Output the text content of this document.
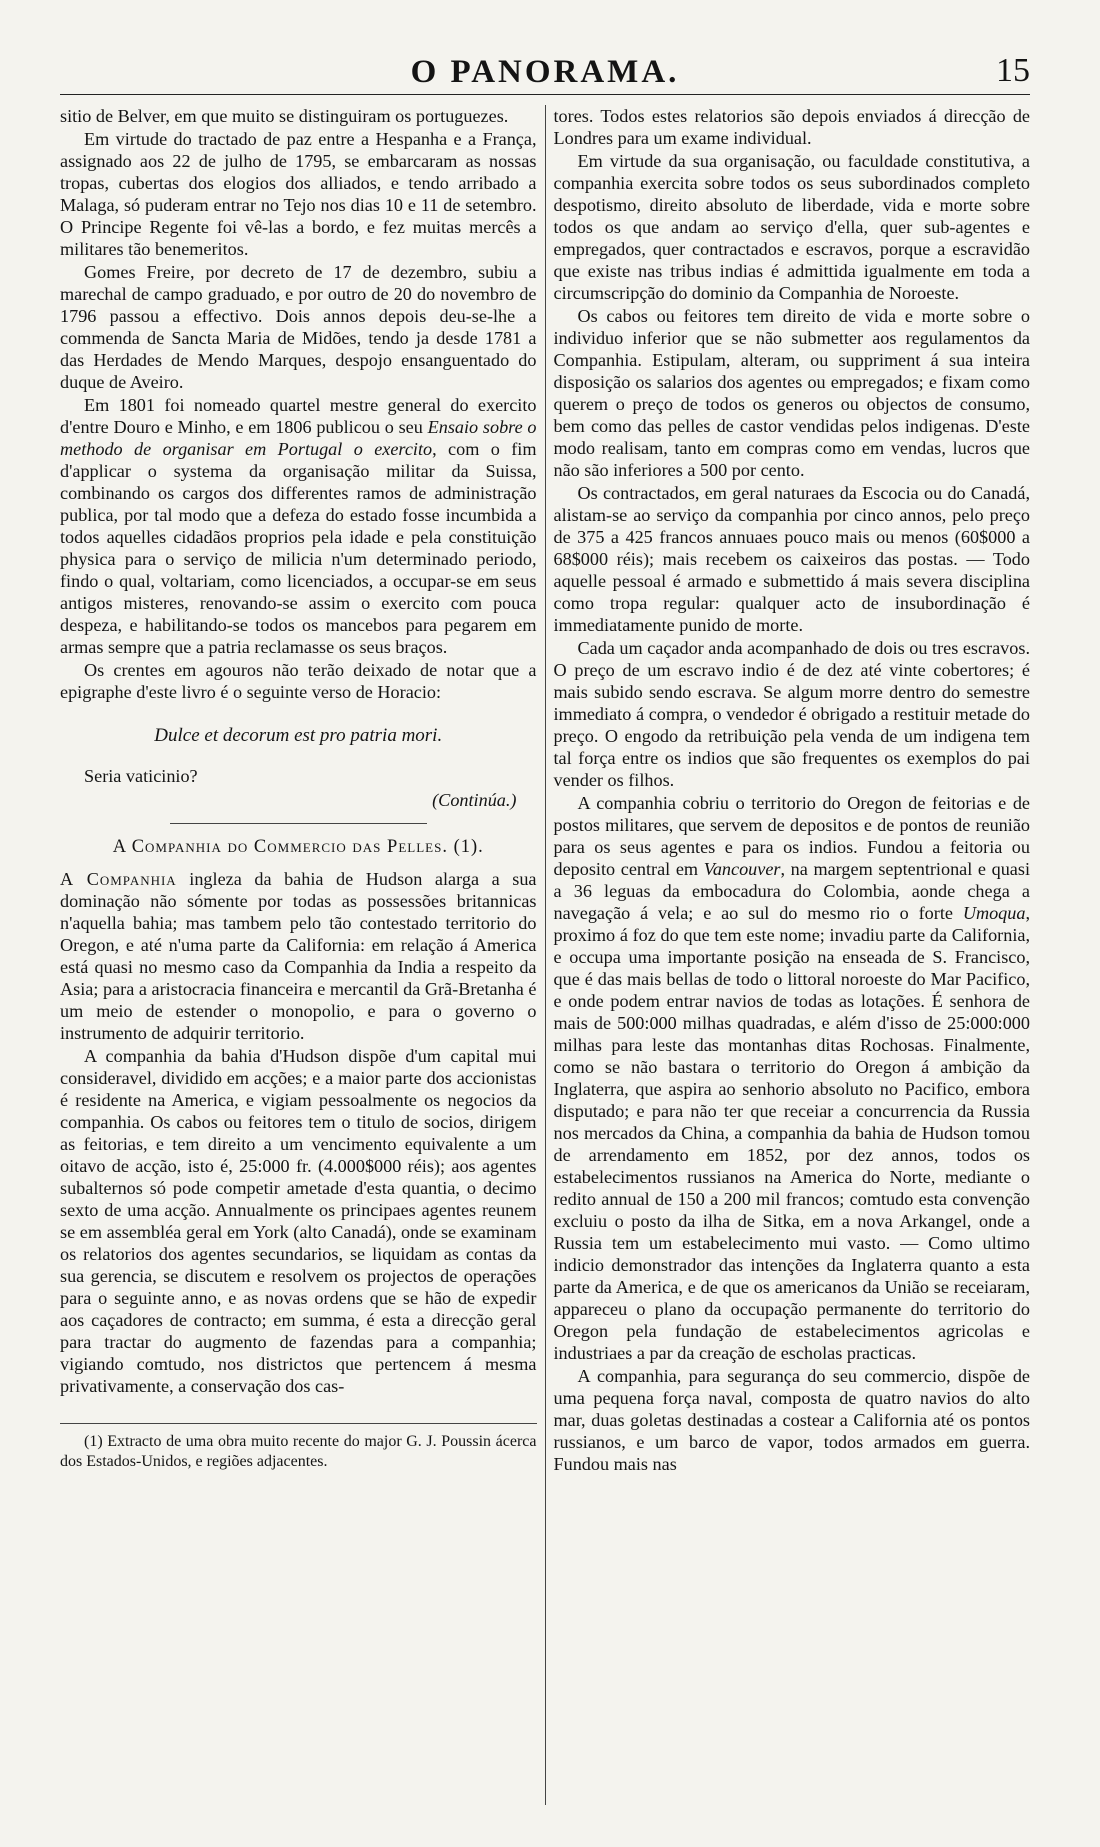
O PANORAMA.	15

sitio de Belver, em que muito se distinguiram os portuguezes.

Em virtude do tractado de paz entre a Hespanha e a França, assignado aos 22 de julho de 1795, se embarcaram as nossas tropas, cubertas dos elogios dos alliados, e tendo arribado a Malaga, só puderam entrar no Tejo nos dias 10 e 11 de setembro. O Principe Regente foi vê-las a bordo, e fez muitas mercês a militares tão benemeritos.

Gomes Freire, por decreto de 17 de dezembro, subiu a marechal de campo graduado, e por outro de 20 do novembro de 1796 passou a effectivo. Dois annos depois deu-se-lhe a commenda de Sancta Maria de Midões, tendo ja desde 1781 a das Herdades de Mendo Marques, despojo ensanguentado do duque de Aveiro.

Em 1801 foi nomeado quartel mestre general do exercito d'entre Douro e Minho, e em 1806 publicou o seu Ensaio sobre o methodo de organisar em Portugal o exercito, com o fim d'applicar o systema da organisação militar da Suissa, combinando os cargos dos differentes ramos de administração publica, por tal modo que a defeza do estado fosse incumbida a todos aquelles cidadãos proprios pela idade e pela constituição physica para o serviço de milicia n'um determinado periodo, findo o qual, voltariam, como licenciados, a occupar-se em seus antigos misteres, renovando-se assim o exercito com pouca despeza, e habilitando-se todos os mancebos para pegarem em armas sempre que a patria reclamasse os seus braços.

Os crentes em agouros não terão deixado de notar que a epigraphe d'este livro é o seguinte verso de Horacio:

Dulce et decorum est pro patria mori.

Seria vaticinio?

(Continúa.)
A Companhia do Commercio das Pelles. (1).

A Companhia ingleza da bahia de Hudson alarga a sua dominação não sómente por todas as possessões britannicas n'aquella bahia; mas tambem pelo tão contestado territorio do Oregon, e até n'uma parte da California: em relação á America está quasi no mesmo caso da Companhia da India a respeito da Asia; para a aristocracia financeira e mercantil da Grã-Bretanha é um meio de estender o monopolio, e para o governo o instrumento de adquirir territorio.

A companhia da bahia d'Hudson dispõe d'um capital mui consideravel, dividido em acções; e a maior parte dos accionistas é residente na America, e vigiam pessoalmente os negocios da companhia. Os cabos ou feitores tem o titulo de socios, dirigem as feitorias, e tem direito a um vencimento equivalente a um oitavo de acção, isto é, 25:000 fr. (4.000$000 réis); aos agentes subalternos só pode competir ametade d'esta quantia, o decimo sexto de uma acção. Annualmente os principaes agentes reunem se em assembléa geral em York (alto Canadá), onde se examinam os relatorios dos agentes secundarios, se liquidam as contas da sua gerencia, se discutem e resolvem os projectos de operações para o seguinte anno, e as novas ordens que se hão de expedir aos caçadores de contracto; em summa, é esta a direcção geral para tractar do augmento de fazendas para a companhia; vigiando comtudo, nos districtos que pertencem á mesma privativamente, a conservação dos cas-

(1) Extracto de uma obra muito recente do major G. J. Poussin ácerca dos Estados-Unidos, e regiões adjacentes.

tores. Todos estes relatorios são depois enviados á direcção de Londres para um exame individual.

Em virtude da sua organisação, ou faculdade constitutiva, a companhia exercita sobre todos os seus subordinados completo despotismo, direito absoluto de liberdade, vida e morte sobre todos os que andam ao serviço d'ella, quer sub-agentes e empregados, quer contractados e escravos, porque a escravidão que existe nas tribus indias é admittida igualmente em toda a circumscripção do dominio da Companhia de Noroeste.

Os cabos ou feitores tem direito de vida e morte sobre o individuo inferior que se não submetter aos regulamentos da Companhia. Estipulam, alteram, ou suppriment á sua inteira disposição os salarios dos agentes ou empregados; e fixam como querem o preço de todos os generos ou objectos de consumo, bem como das pelles de castor vendidas pelos indigenas. D'este modo realisam, tanto em compras como em vendas, lucros que não são inferiores a 500 por cento.

Os contractados, em geral naturaes da Escocia ou do Canadá, alistam-se ao serviço da companhia por cinco annos, pelo preço de 375 a 425 francos annuaes pouco mais ou menos (60$000 a 68$000 réis); mais recebem os caixeiros das postas. — Todo aquelle pessoal é armado e submettido á mais severa disciplina como tropa regular: qualquer acto de insubordinação é immediatamente punido de morte.

Cada um caçador anda acompanhado de dois ou tres escravos. O preço de um escravo indio é de dez até vinte cobertores; é mais subido sendo escrava. Se algum morre dentro do semestre immediato á compra, o vendedor é obrigado a restituir metade do preço. O engodo da retribuição pela venda de um indigena tem tal força entre os indios que são frequentes os exemplos do pai vender os filhos.

A companhia cobriu o territorio do Oregon de feitorias e de postos militares, que servem de depositos e de pontos de reunião para os seus agentes e para os indios. Fundou a feitoria ou deposito central em Vancouver, na margem septentrional e quasi a 36 leguas da embocadura do Colombia, aonde chega a navegação á vela; e ao sul do mesmo rio o forte Umoqua, proximo á foz do que tem este nome; invadiu parte da California, e occupa uma importante posição na enseada de S. Francisco, que é das mais bellas de todo o littoral noroeste do Mar Pacifico, e onde podem entrar navios de todas as lotações. É senhora de mais de 500:000 milhas quadradas, e além d'isso de 25:000:000 milhas para leste das montanhas ditas Rochosas. Finalmente, como se não bastara o territorio do Oregon á ambição da Inglaterra, que aspira ao senhorio absoluto no Pacifico, embora disputado; e para não ter que receiar a concurrencia da Russia nos mercados da China, a companhia da bahia de Hudson tomou de arrendamento em 1852, por dez annos, todos os estabelecimentos russianos na America do Norte, mediante o redito annual de 150 a 200 mil francos; comtudo esta convenção excluiu o posto da ilha de Sitka, em a nova Arkangel, onde a Russia tem um estabelecimento mui vasto. — Como ultimo indicio demonstrador das intenções da Inglaterra quanto a esta parte da America, e de que os americanos da União se receiaram, appareceu o plano da occupação permanente do territorio do Oregon pela fundação de estabelecimentos agricolas e industriaes a par da creação de escholas practicas.

A companhia, para segurança do seu commercio, dispõe de uma pequena força naval, composta de quatro navios do alto mar, duas goletas destinadas a costear a California até os pontos russianos, e um barco de vapor, todos armados em guerra. Fundou mais nas
